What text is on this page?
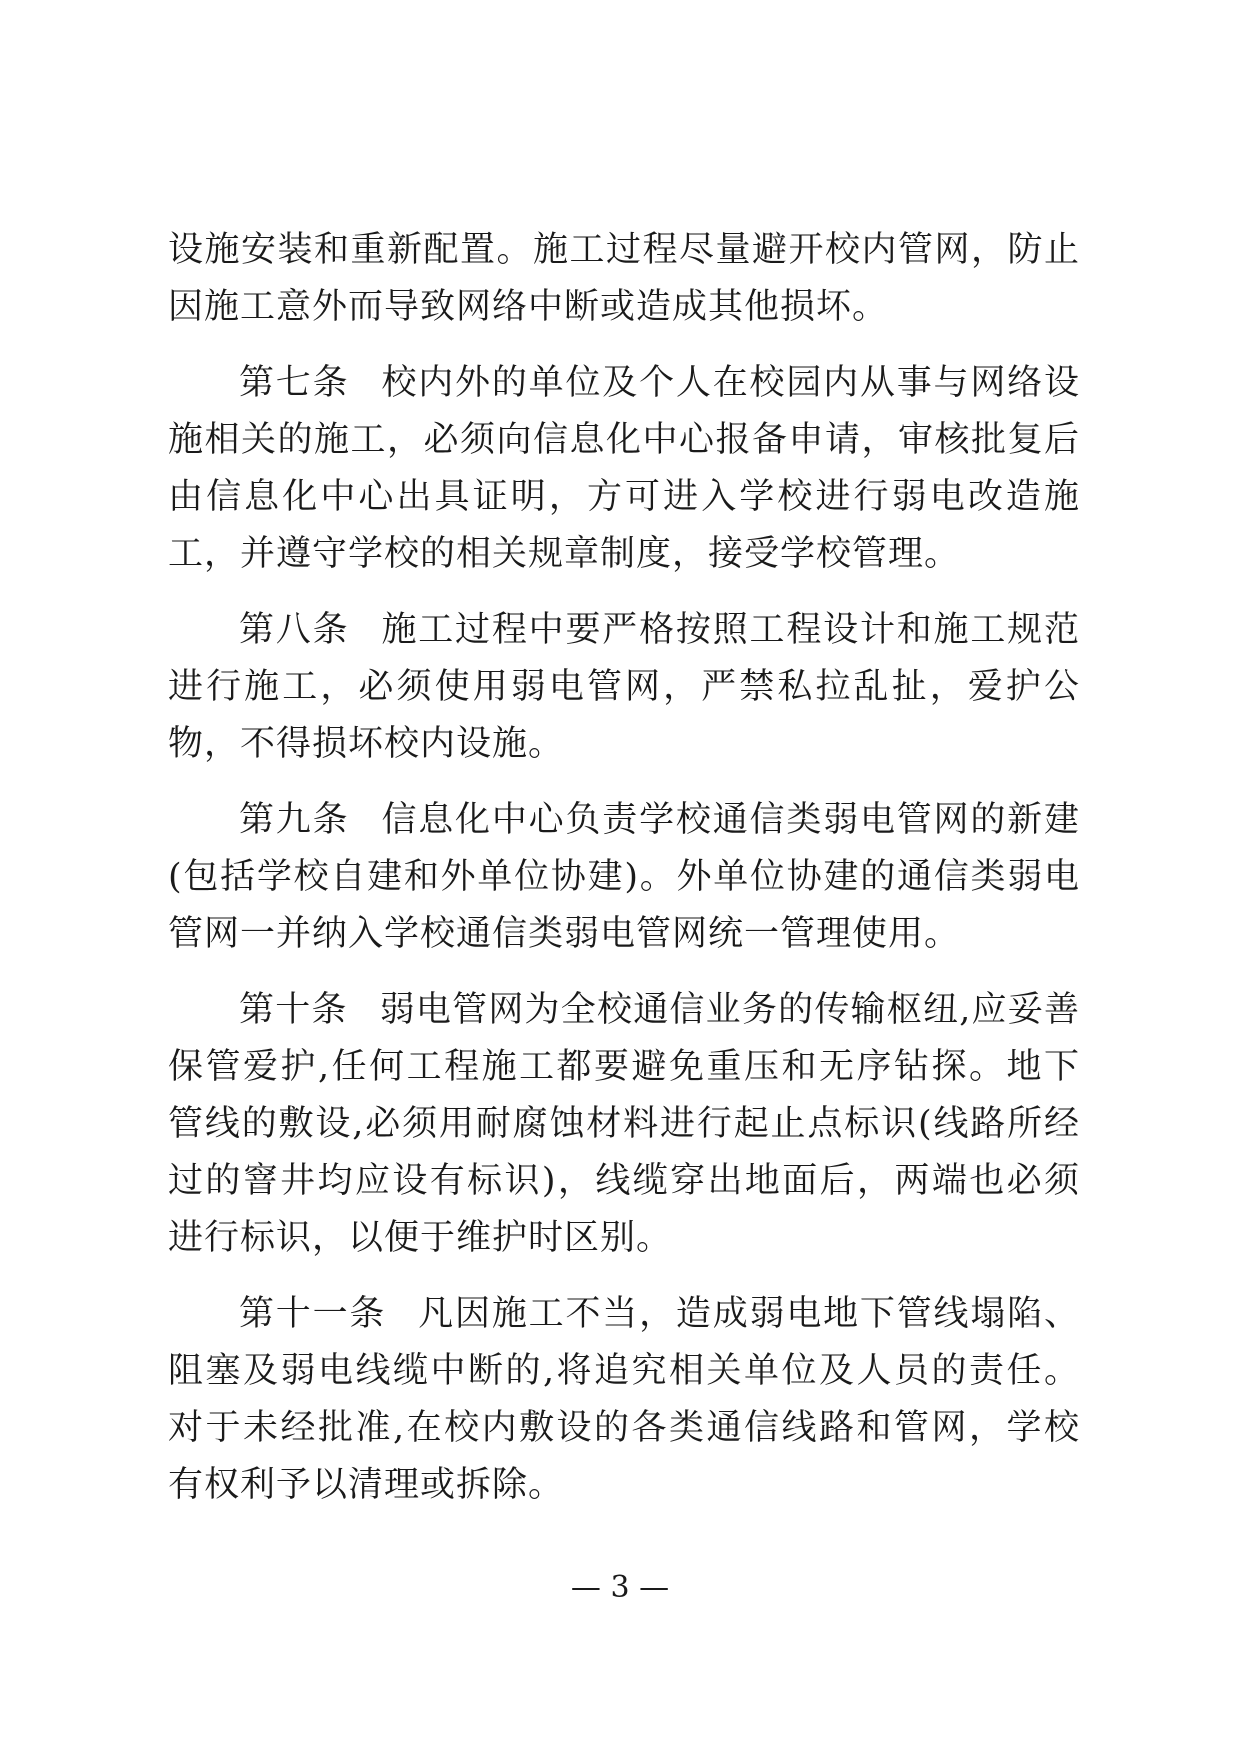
设施安装和重新配置。施工过程尽量避开校内管网，防止因施工意外而导致网络中断或造成其他损坏。

第七条 校内外的单位及个人在校园内从事与网络设施相关的施工，必须向信息化中心报备申请，审核批复后由信息化中心出具证明，方可进入学校进行弱电改造施工，并遵守学校的相关规章制度，接受学校管理。

第八条 施工过程中要严格按照工程设计和施工规范进行施工，必须使用弱电管网，严禁私拉乱扯，爱护公物，不得损坏校内设施。

第九条 信息化中心负责学校通信类弱电管网的新建(包括学校自建和外单位协建)。外单位协建的通信类弱电管网一并纳入学校通信类弱电管网统一管理使用。

第十条 弱电管网为全校通信业务的传输枢纽,应妥善保管爱护,任何工程施工都要避免重压和无序钻探。地下管线的敷设,必须用耐腐蚀材料进行起止点标识(线路所经过的窨井均应设有标识)，线缆穿出地面后，两端也必须进行标识，以便于维护时区别。

第十一条 凡因施工不当，造成弱电地下管线塌陷、阻塞及弱电线缆中断的,将追究相关单位及人员的责任。对于未经批准,在校内敷设的各类通信线路和管网，学校有权利予以清理或拆除。

— 3 —
